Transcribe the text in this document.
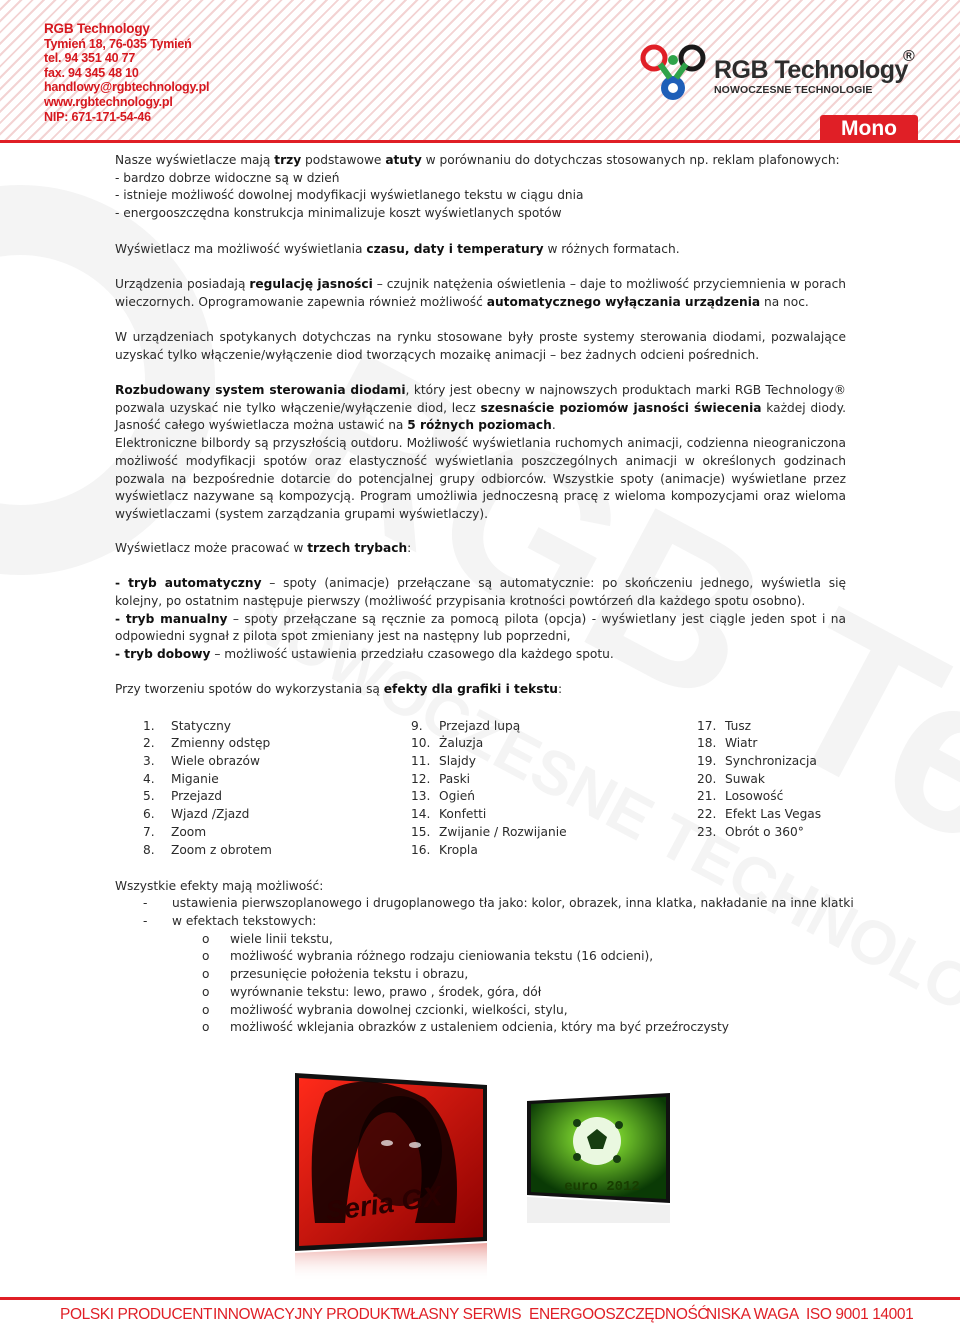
RGB Technology
Tymień 18, 76-035 Tymień
tel. 94 351 40 77
fax. 94 345 48 10
handlowy@rgbtechnology.pl
www.rgbtechnology.pl
NIP: 671-171-54-46
RGB Technology
®
NOWOCZESNE TECHNOLOGIE
Mono

Nasze wyświetlacze mają trzy podstawowe atuty w porównaniu do dotychczas stosowanych np. reklam plafonowych:

- bardzo dobrze widoczne są w dzień

- istnieje możliwość dowolnej modyfikacji wyświetlanego tekstu w ciągu dnia

- energooszczędna konstrukcja minimalizuje koszt wyświetlanych spotów

Wyświetlacz ma możliwość wyświetlania czasu, daty i temperatury w różnych formatach.

Urządzenia posiadają regulację jasności – czujnik natężenia oświetlenia – daje to możliwość przyciemnienia w porach wieczornych. Oprogramowanie zapewnia również możliwość automatycznego wyłączania urządzenia na noc.

W urządzeniach spotykanych dotychczas na rynku stosowane były proste systemy sterowania diodami, pozwalające uzyskać tylko włączenie/wyłączenie diod tworzących mozaikę animacji – bez żadnych odcieni pośrednich.

Rozbudowany system sterowania diodami, który jest obecny w najnowszych produktach marki RGB Technology® pozwala uzyskać nie tylko włączenie/wyłączenie diod, lecz szesnaście poziomów jasności świecenia każdej diody. Jasność całego wyświetlacza można ustawić na 5 różnych poziomach.

Elektroniczne bilbordy są przyszłością outdoru. Możliwość wyświetlania ruchomych animacji, codzienna nieograniczona możliwość modyfikacji spotów oraz elastyczność wyświetlania poszczególnych animacji w określonych godzinach pozwala na bezpośrednie dotarcie do potencjalnej grupy odbiorców. Wszystkie spoty (animacje) wyświetlane przez wyświetlacz nazywane są kompozycją. Program umożliwia jednoczesną pracę z wieloma kompozycjami oraz wieloma wyświetlaczami (system zarządzania grupami wyświetlaczy).

Wyświetlacz może pracować w trzech trybach:

- tryb automatyczny – spoty (animacje) przełączane są automatycznie: po skończeniu jednego, wyświetla się kolejny, po ostatnim następuje pierwszy (możliwość przypisania krotności powtórzeń dla każdego spotu osobno).

- tryb manualny – spoty przełączane są ręcznie za pomocą pilota (opcja) - wyświetlany jest ciągle jeden spot i na odpowiedni sygnał z pilota spot zmieniany jest na następny lub poprzedni,

- tryb dobowy – możliwość ustawienia przedziału czasowego dla każdego spotu.

Przy tworzeniu spotów do wykorzystania są efekty dla grafiki i tekstu:

1. Statyczny
2. Zmienny odstęp
3. Wiele obrazów
4. Miganie
5. Przejazd
6. Wjazd /Zjazd
7. Zoom
8. Zoom z obrotem
9. Przejazd lupą
10. Żaluzja
11. Slajdy
12. Paski
13. Ogień
14. Konfetti
15. Zwijanie / Rozwijanie
16. Kropla
17. Tusz
18. Wiatr
19. Synchronizacja
20. Suwak
21. Losowość
22. Efekt Las Vegas
23. Obrót o 360°

Wszystkie efekty mają możliwość:

- ustawienia pierwszoplanowego i drugoplanowego tła jako: kolor, obrazek, inna klatka, nakładanie na inne klatki
- w efektach tekstowych:
o wiele linii tekstu,
o możliwość wybrania różnego rodzaju cieniowania tekstu (16 odcieni),
o przesunięcie położenia tekstu i obrazu,
o wyrównanie tekstu: lewo, prawo , środek, góra, dół
o możliwość wybrania dowolnej czcionki, wielkości, stylu,
o możliwość wklejania obrazków z ustaleniem odcienia, który ma być przeźroczysty
Seria GX	euro 2012
POLSKI PRODUCENT INNOWACYJNY PRODUKT
WŁASNY SERWIS ENERGOOSZCZĘDNOŚĆ
NISKA WAGA ISO 9001 14001
